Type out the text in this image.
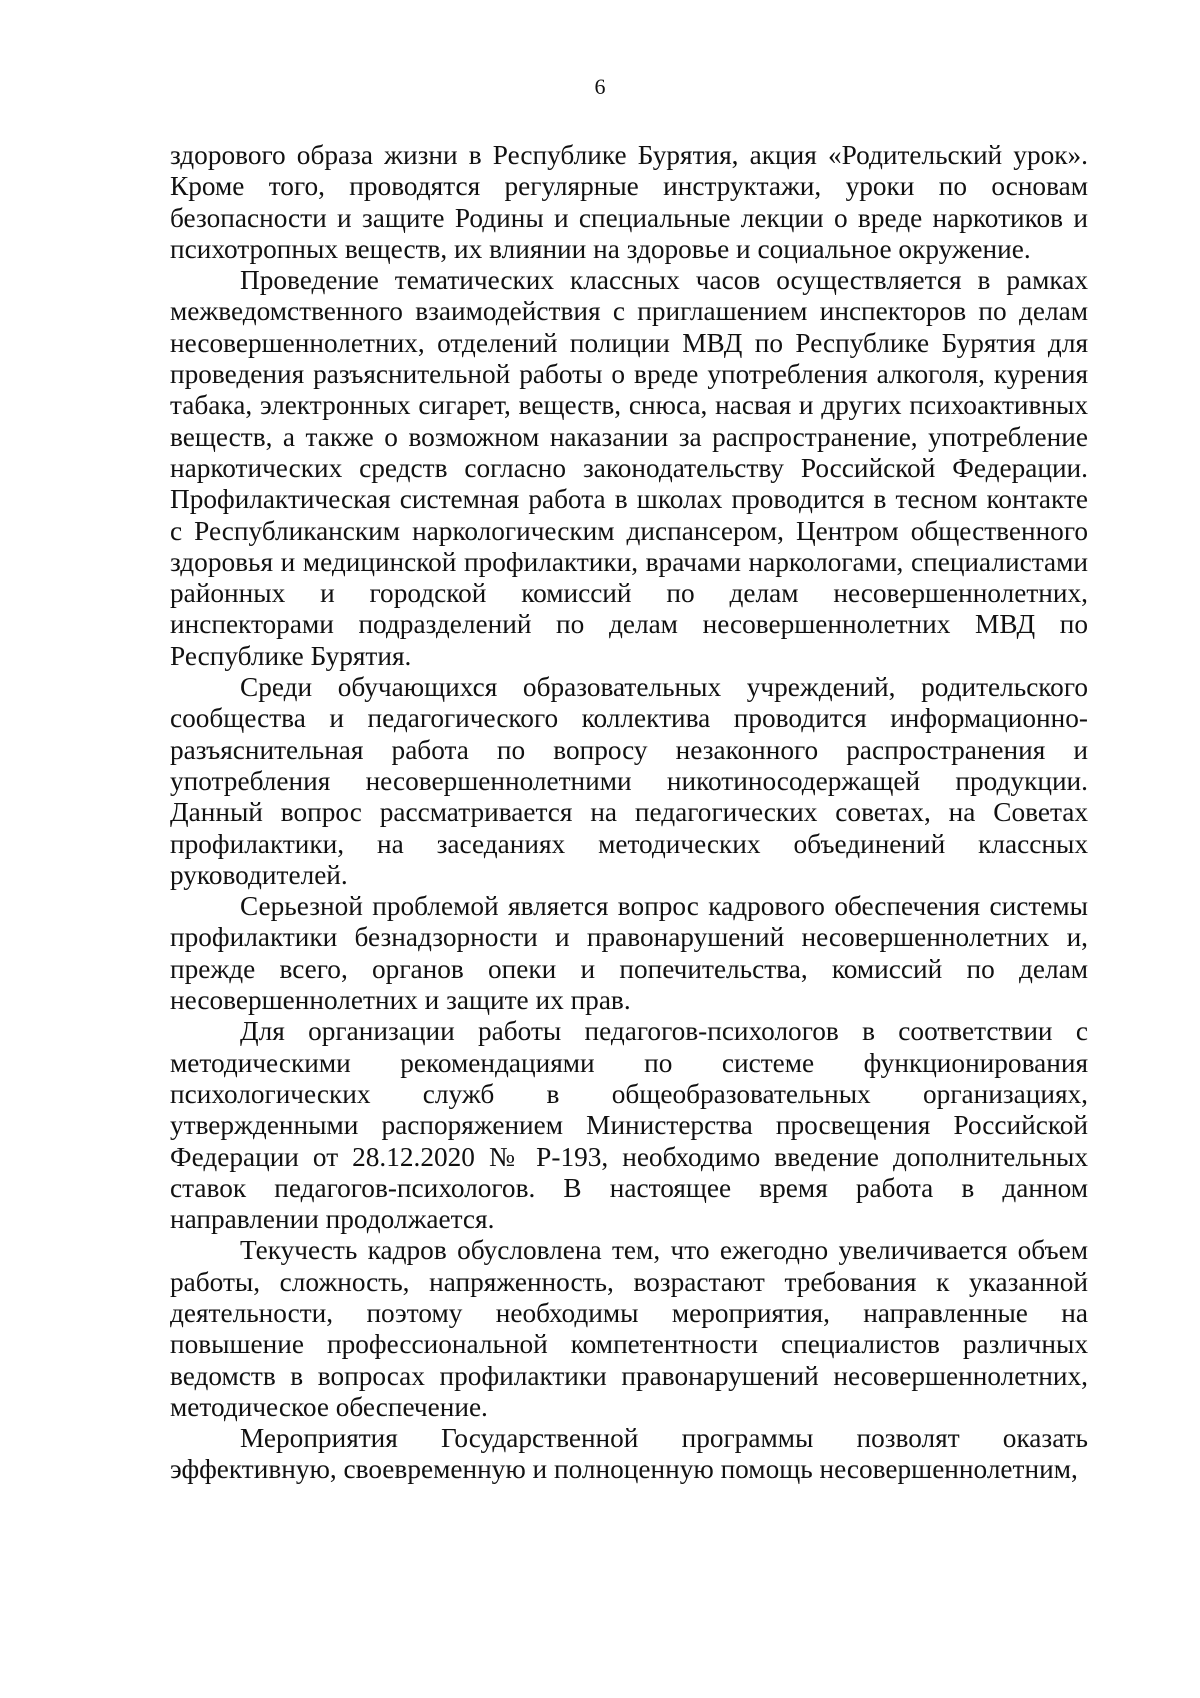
6

здорового образа жизни в Республике Бурятия, акция «Родительский урок». Кроме того, проводятся регулярные инструктажи, уроки по основам безопасности и защите Родины и специальные лекции о вреде наркотиков и психотропных веществ, их влиянии на здоровье и социальное окружение.

Проведение тематических классных часов осуществляется в рамках межведомственного взаимодействия с приглашением инспекторов по делам несовершеннолетних, отделений полиции МВД по Республике Бурятия для проведения разъяснительной работы о вреде употребления алкоголя, курения табака, электронных сигарет, веществ, снюса, насвая и других психоактивных веществ, а также о возможном наказании за распространение, употребление наркотических средств согласно законодательству Российской Федерации. Профилактическая системная работа в школах проводится в тесном контакте с Республиканским наркологическим диспансером, Центром общественного здоровья и медицинской профилактики, врачами наркологами, специалистами районных и городской комиссий по делам несовершеннолетних, инспекторами подразделений по делам несовершеннолетних МВД по Республике Бурятия.

Среди обучающихся образовательных учреждений, родительского сообщества и педагогического коллектива проводится информационно-разъяснительная работа по вопросу незаконного распространения и употребления несовершеннолетними никотиносодержащей продукции. Данный вопрос рассматривается на педагогических советах, на Советах профилактики, на заседаниях методических объединений классных руководителей.

Серьезной проблемой является вопрос кадрового обеспечения системы профилактики безнадзорности и правонарушений несовершеннолетних и, прежде всего, органов опеки и попечительства, комиссий по делам несовершеннолетних и защите их прав.

Для организации работы педагогов-психологов в соответствии с методическими рекомендациями по системе функционирования психологических служб в общеобразовательных организациях, утвержденными распоряжением Министерства просвещения Российской Федерации от 28.12.2020 № Р-193, необходимо введение дополнительных ставок педагогов-психологов. В настоящее время работа в данном направлении продолжается.

Текучесть кадров обусловлена тем, что ежегодно увеличивается объем работы, сложность, напряженность, возрастают требования к указанной деятельности, поэтому необходимы мероприятия, направленные на повышение профессиональной компетентности специалистов различных ведомств в вопросах профилактики правонарушений несовершеннолетних, методическое обеспечение.

Мероприятия Государственной программы позволят оказать эффективную, своевременную и полноценную помощь несовершеннолетним,
